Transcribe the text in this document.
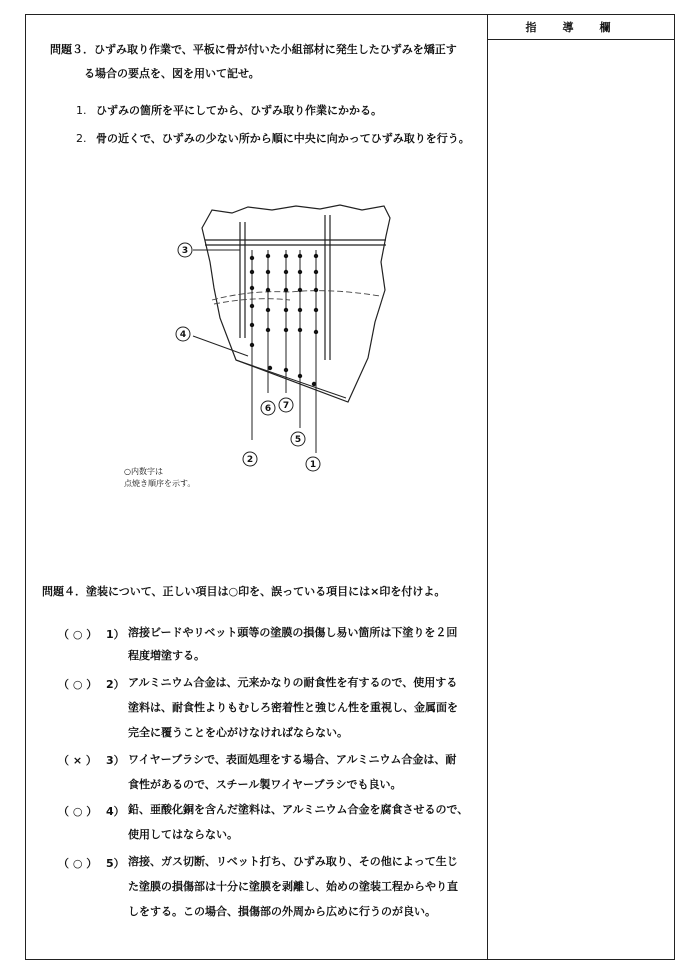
指導欄
問題３．ひずみ取り作業で、平板に骨が付いた小組部材に発生したひずみを矯正す
る場合の要点を、図を用いて記せ。
1. ひずみの箇所を平にしてから、ひずみ取り作業にかかる。
2. 骨の近くで、ひずみの少ない所から順に中央に向かってひずみ取りを行う。
3
4
6 7
5
2	1
○内数字は
点焼き順序を示す。
問題４．塗装について、正しい項目は○印を、誤っている項目には×印を付けよ。
（ ○ ） 1） 溶接ビードやリベット頭等の塗膜の損傷し易い箇所は下塗りを２回
程度増塗する。
（ ○ ） 2） アルミニウム合金は、元来かなりの耐食性を有するので、使用する
塗料は、耐食性よりもむしろ密着性と強じん性を重視し、金属面を
完全に覆うことを心がけなければならない。
（ × ） 3） ワイヤーブラシで、表面処理をする場合、アルミニウム合金は、耐
食性があるので、スチール製ワイヤーブラシでも良い。
（ ○ ） 4） 鉛、亜酸化銅を含んだ塗料は、アルミニウム合金を腐食させるので、
使用してはならない。
（ ○ ） 5） 溶接、ガス切断、リベット打ち、ひずみ取り、その他によって生じ
た塗膜の損傷部は十分に塗膜を剥離し、始めの塗装工程からやり直
しをする。この場合、損傷部の外周から広めに行うのが良い。
